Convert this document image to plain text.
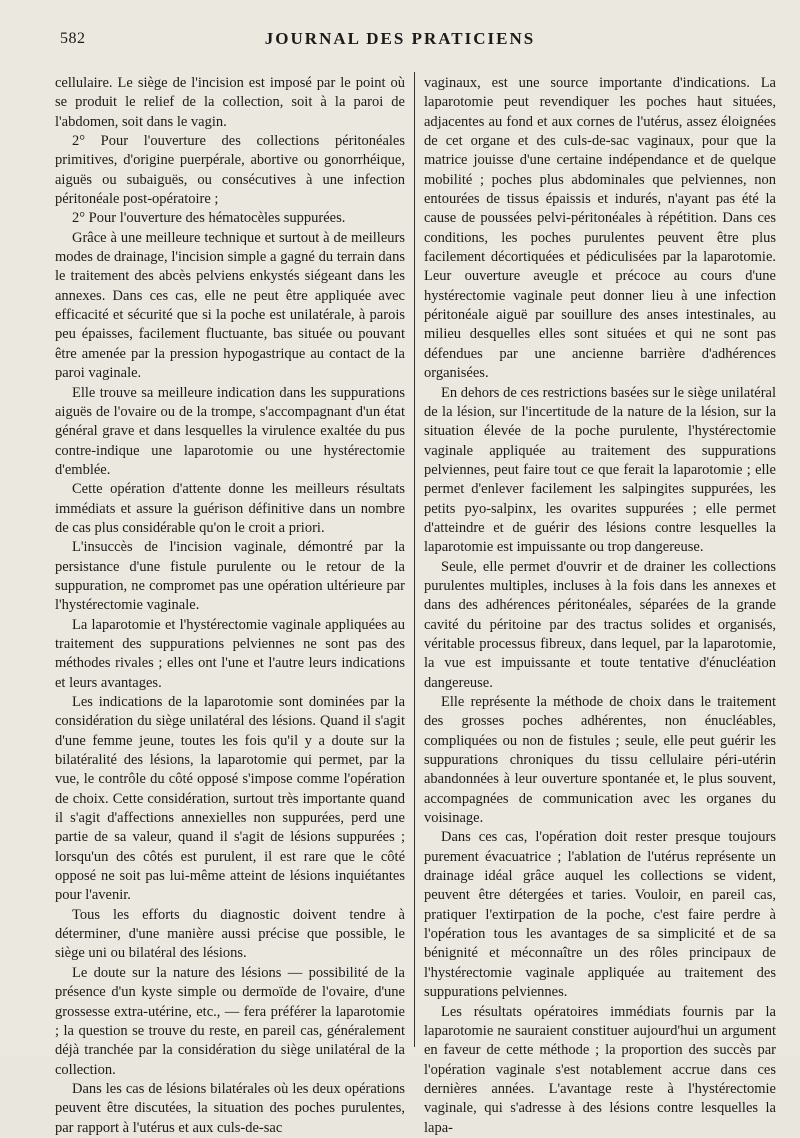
582	JOURNAL DES PRATICIENS

cellulaire. Le siège de l'incision est imposé par le point où se produit le relief de la collection, soit à la paroi de l'abdomen, soit dans le vagin.

2° Pour l'ouverture des collections péritonéales primitives, d'origine puerpérale, abortive ou gonorrhéique, aiguës ou subaiguës, ou consécutives à une infection péritonéale post-opératoire ;

2° Pour l'ouverture des hématocèles suppurées.

Grâce à une meilleure technique et surtout à de meilleurs modes de drainage, l'incision simple a gagné du terrain dans le traitement des abcès pelviens enkystés siégeant dans les annexes. Dans ces cas, elle ne peut être appliquée avec efficacité et sécurité que si la poche est unilatérale, à parois peu épaisses, facilement fluctuante, bas située ou pouvant être amenée par la pression hypogastrique au contact de la paroi vaginale.

Elle trouve sa meilleure indication dans les suppurations aiguës de l'ovaire ou de la trompe, s'accompagnant d'un état général grave et dans lesquelles la virulence exaltée du pus contre-indique une laparotomie ou une hystérectomie d'emblée.

Cette opération d'attente donne les meilleurs résultats immédiats et assure la guérison définitive dans un nombre de cas plus considérable qu'on le croit a priori.

L'insuccès de l'incision vaginale, démontré par la persistance d'une fistule purulente ou le retour de la suppuration, ne compromet pas une opération ultérieure par l'hystérectomie vaginale.

La laparotomie et l'hystérectomie vaginale appliquées au traitement des suppurations pelviennes ne sont pas des méthodes rivales ; elles ont l'une et l'autre leurs indications et leurs avantages.

Les indications de la laparotomie sont dominées par la considération du siège unilatéral des lésions. Quand il s'agit d'une femme jeune, toutes les fois qu'il y a doute sur la bilatéralité des lésions, la laparotomie qui permet, par la vue, le contrôle du côté opposé s'impose comme l'opération de choix. Cette considération, surtout très importante quand il s'agit d'affections annexielles non suppurées, perd une partie de sa valeur, quand il s'agit de lésions suppurées ; lorsqu'un des côtés est purulent, il est rare que le côté opposé ne soit pas lui-même atteint de lésions inquiétantes pour l'avenir.

Tous les efforts du diagnostic doivent tendre à déterminer, d'une manière aussi précise que possible, le siège uni ou bilatéral des lésions.

Le doute sur la nature des lésions — possibilité de la présence d'un kyste simple ou dermoïde de l'ovaire, d'une grossesse extra-utérine, etc., — fera préférer la laparotomie ; la question se trouve du reste, en pareil cas, généralement déjà tranchée par la considération du siège unilatéral de la collection.

Dans les cas de lésions bilatérales où les deux opérations peuvent être discutées, la situation des poches purulentes, par rapport à l'utérus et aux culs-de-sac

vaginaux, est une source importante d'indications. La laparotomie peut revendiquer les poches haut situées, adjacentes au fond et aux cornes de l'utérus, assez éloignées de cet organe et des culs-de-sac vaginaux, pour que la matrice jouisse d'une certaine indépendance et de quelque mobilité ; poches plus abdominales que pelviennes, non entourées de tissus épaissis et indurés, n'ayant pas été la cause de poussées pelvi-péritonéales à répétition. Dans ces conditions, les poches purulentes peuvent être plus facilement décortiquées et pédiculisées par la laparotomie. Leur ouverture aveugle et précoce au cours d'une hystérectomie vaginale peut donner lieu à une infection péritonéale aiguë par souillure des anses intestinales, au milieu desquelles elles sont situées et qui ne sont pas défendues par une ancienne barrière d'adhérences organisées.

En dehors de ces restrictions basées sur le siège unilatéral de la lésion, sur l'incertitude de la nature de la lésion, sur la situation élevée de la poche purulente, l'hystérectomie vaginale appliquée au traitement des suppurations pelviennes, peut faire tout ce que ferait la laparotomie ; elle permet d'enlever facilement les salpingites suppurées, les petits pyo-salpinx, les ovarites suppurées ; elle permet d'atteindre et de guérir des lésions contre lesquelles la laparotomie est impuissante ou trop dangereuse.

Seule, elle permet d'ouvrir et de drainer les collections purulentes multiples, incluses à la fois dans les annexes et dans des adhérences péritonéales, séparées de la grande cavité du péritoine par des tractus solides et organisés, véritable processus fibreux, dans lequel, par la laparotomie, la vue est impuissante et toute tentative d'énucléation dangereuse.

Elle représente la méthode de choix dans le traitement des grosses poches adhérentes, non énucléables, compliquées ou non de fistules ; seule, elle peut guérir les suppurations chroniques du tissu cellulaire péri-utérin abandonnées à leur ouverture spontanée et, le plus souvent, accompagnées de communication avec les organes du voisinage.

Dans ces cas, l'opération doit rester presque toujours purement évacuatrice ; l'ablation de l'utérus représente un drainage idéal grâce auquel les collections se vident, peuvent être détergées et taries. Vouloir, en pareil cas, pratiquer l'extirpation de la poche, c'est faire perdre à l'opération tous les avantages de sa simplicité et de sa bénignité et méconnaître un des rôles principaux de l'hystérectomie vaginale appliquée au traitement des suppurations pelviennes.

Les résultats opératoires immédiats fournis par la laparotomie ne sauraient constituer aujourd'hui un argument en faveur de cette méthode ; la proportion des succès par l'opération vaginale s'est notablement accrue dans ces dernières années. L'avantage reste à l'hystérectomie vaginale, qui s'adresse à des lésions contre lesquelles la lapa-
